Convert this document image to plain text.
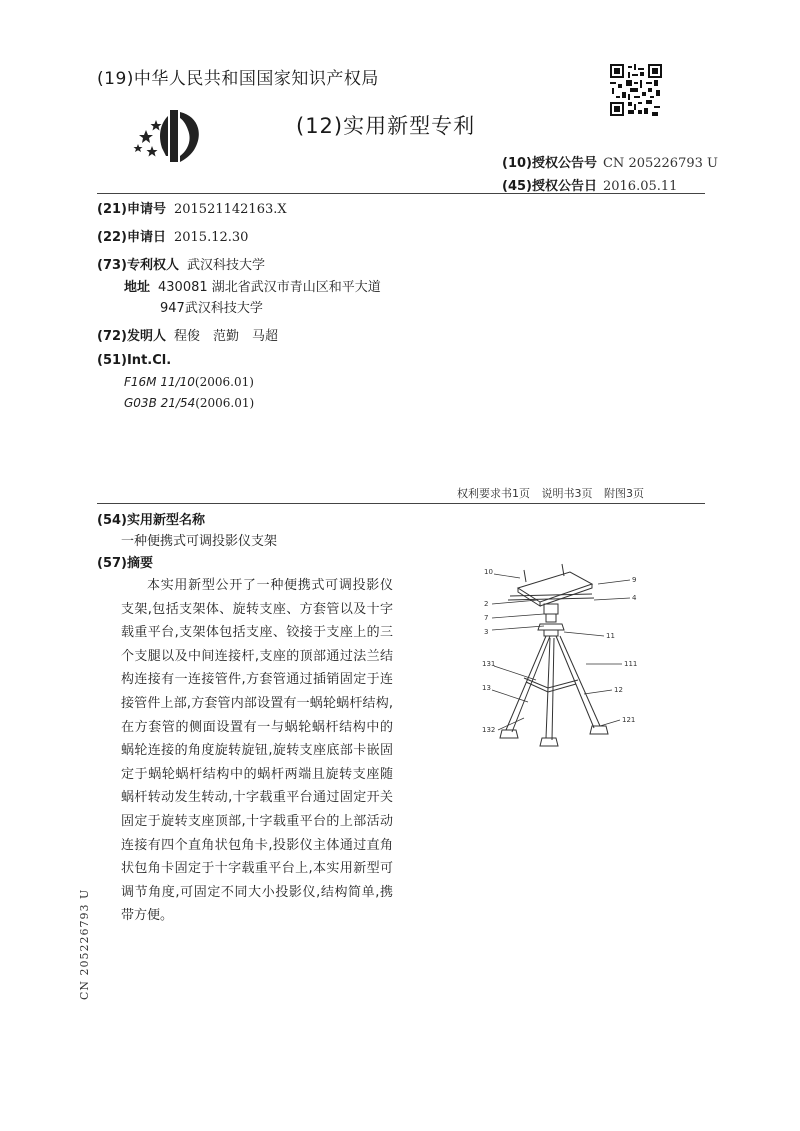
(19)中华人民共和国国家知识产权局
(12)实用新型专利
(10)授权公告号 CN 205226793 U
(45)授权公告日 2016.05.11
(21)申请号 201521142163.X
(22)申请日 2015.12.30
(73)专利权人 武汉科技大学
地址 430081 湖北省武汉市青山区和平大道
947武汉科技大学
(72)发明人 程俊　范勤　马超
(51)Int.Cl.
F16M 11/10(2006.01)
G03B 21/54(2006.01)
权利要求书1页 说明书3页 附图3页
(54)实用新型名称
一种便携式可调投影仪支架
(57)摘要
本实用新型公开了一种便携式可调投影仪支架,包括支架体、旋转支座、方套管以及十字载重平台,支架体包括支座、铰接于支座上的三个支腿以及中间连接杆,支座的顶部通过法兰结构连接有一连接管件,方套管通过插销固定于连接管件上部,方套管内部设置有一蜗轮蜗杆结构,在方套管的侧面设置有一与蜗轮蜗杆结构中的蜗轮连接的角度旋转旋钮,旋转支座底部卡嵌固定于蜗轮蜗杆结构中的蜗杆两端且旋转支座随蜗杆转动发生转动,十字载重平台通过固定开关固定于旋转支座顶部,十字载重平台的上部活动连接有四个直角状包角卡,投影仪主体通过直角状包角卡固定于十字载重平台上,本实用新型可调节角度,可固定不同大小投影仪,结构简单,携带方便。
10
9
2
4
7
3	11
131	111
13	12
132
121
CN 205226793 U
